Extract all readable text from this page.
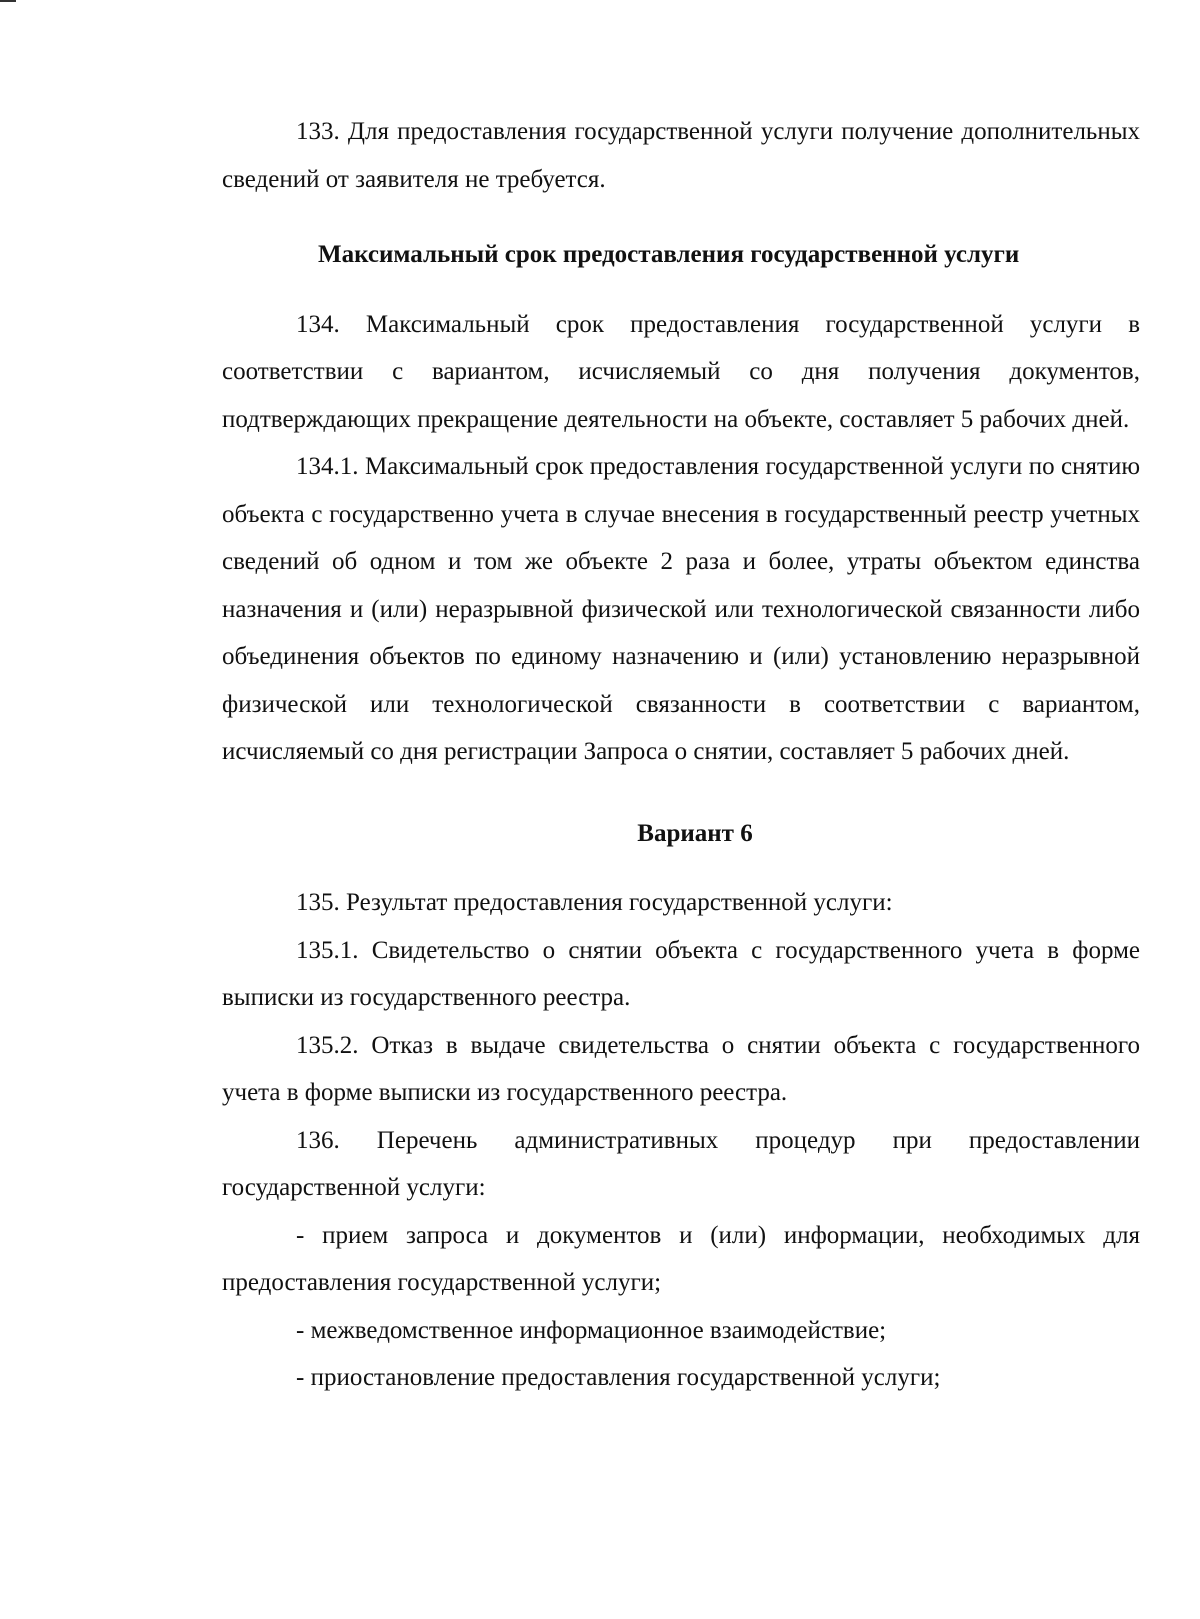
133. Для предоставления государственной услуги получение дополнительных сведений от заявителя не требуется.

Максимальный срок предоставления государственной услуги

134. Максимальный срок предоставления государственной услуги в соответствии с вариантом, исчисляемый со дня получения документов, подтверждающих прекращение деятельности на объекте, составляет 5 рабочих дней.

134.1. Максимальный срок предоставления государственной услуги по снятию объекта с государственно учета в случае внесения в государственный реестр учетных сведений об одном и том же объекте 2 раза и более, утраты объектом единства назначения и (или) неразрывной физической или технологической связанности либо объединения объектов по единому назначению и (или) установлению неразрывной физической или технологической связанности в соответствии с вариантом, исчисляемый со дня регистрации Запроса о снятии, составляет 5 рабочих дней.

Вариант 6

135. Результат предоставления государственной услуги:

135.1. Свидетельство о снятии объекта с государственного учета в форме выписки из государственного реестра.

135.2. Отказ в выдаче свидетельства о снятии объекта с государственного учета в форме выписки из государственного реестра.

136. Перечень административных процедур при предоставлении государственной услуги:

- прием запроса и документов и (или) информации, необходимых для предоставления государственной услуги;

- межведомственное информационное взаимодействие;

- приостановление предоставления государственной услуги;
